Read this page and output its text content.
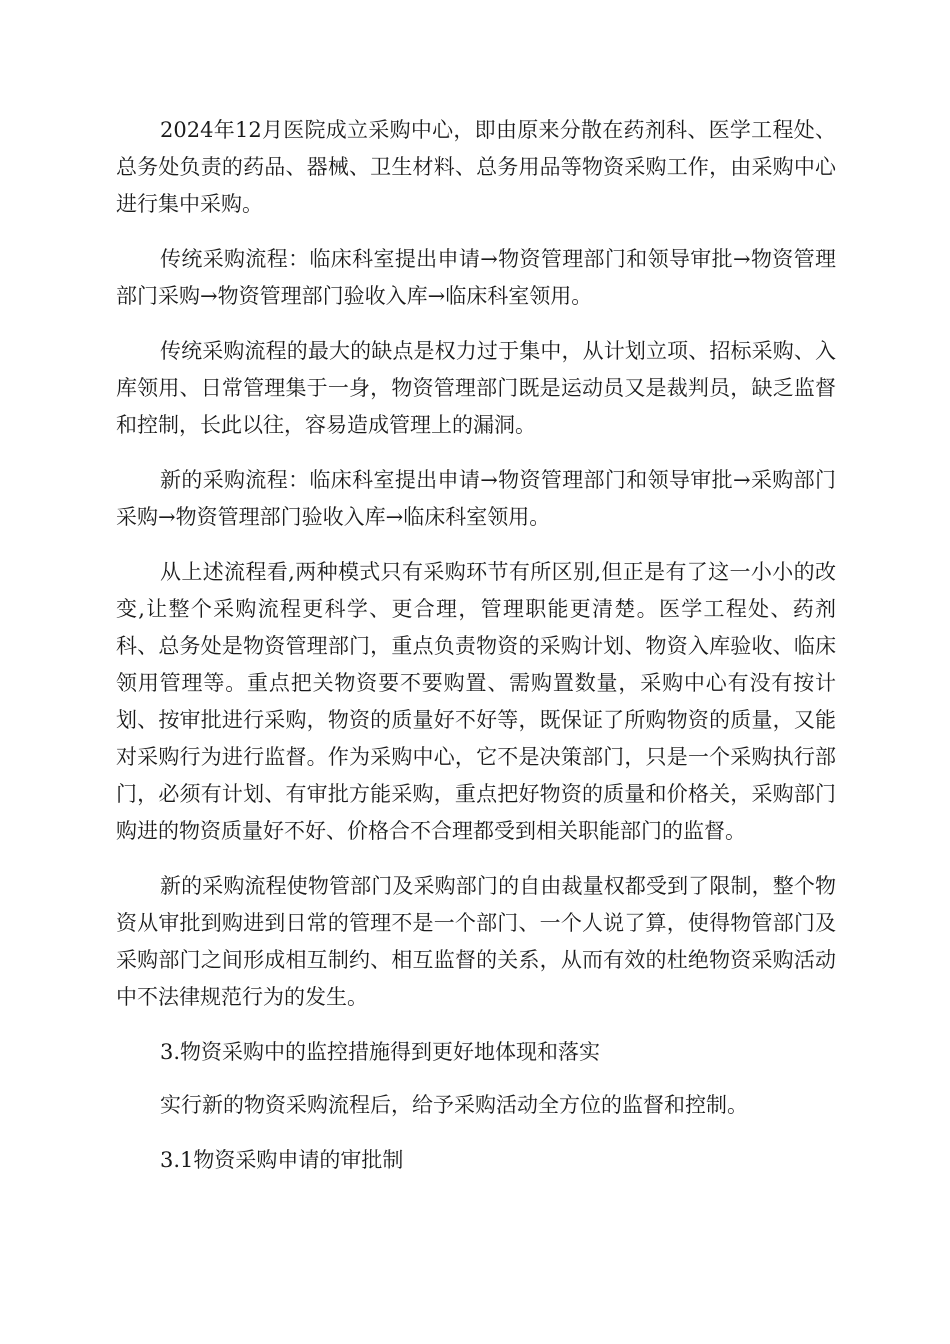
2024年12月医院成立采购中心，即由原来分散在药剂科、医学工程处、总务处负责的药品、器械、卫生材料、总务用品等物资采购工作，由采购中心进行集中采购。

传统采购流程：临床科室提出申请→物资管理部门和领导审批→物资管理部门采购→物资管理部门验收入库→临床科室领用。

传统采购流程的最大的缺点是权力过于集中，从计划立项、招标采购、入库领用、日常管理集于一身，物资管理部门既是运动员又是裁判员，缺乏监督和控制，长此以往，容易造成管理上的漏洞。

新的采购流程：临床科室提出申请→物资管理部门和领导审批→采购部门采购→物资管理部门验收入库→临床科室领用。

从上述流程看,两种模式只有采购环节有所区别,但正是有了这一小小的改变,让整个采购流程更科学、更合理，管理职能更清楚。医学工程处、药剂科、总务处是物资管理部门，重点负责物资的采购计划、物资入库验收、临床领用管理等。重点把关物资要不要购置、需购置数量，采购中心有没有按计划、按审批进行采购，物资的质量好不好等，既保证了所购物资的质量，又能对采购行为进行监督。作为采购中心，它不是决策部门，只是一个采购执行部门，必须有计划、有审批方能采购，重点把好物资的质量和价格关，采购部门购进的物资质量好不好、价格合不合理都受到相关职能部门的监督。

新的采购流程使物管部门及采购部门的自由裁量权都受到了限制，整个物资从审批到购进到日常的管理不是一个部门、一个人说了算，使得物管部门及采购部门之间形成相互制约、相互监督的关系，从而有效的杜绝物资采购活动中不法律规范行为的发生。

3.物资采购中的监控措施得到更好地体现和落实

实行新的物资采购流程后，给予采购活动全方位的监督和控制。

3.1物资采购申请的审批制
